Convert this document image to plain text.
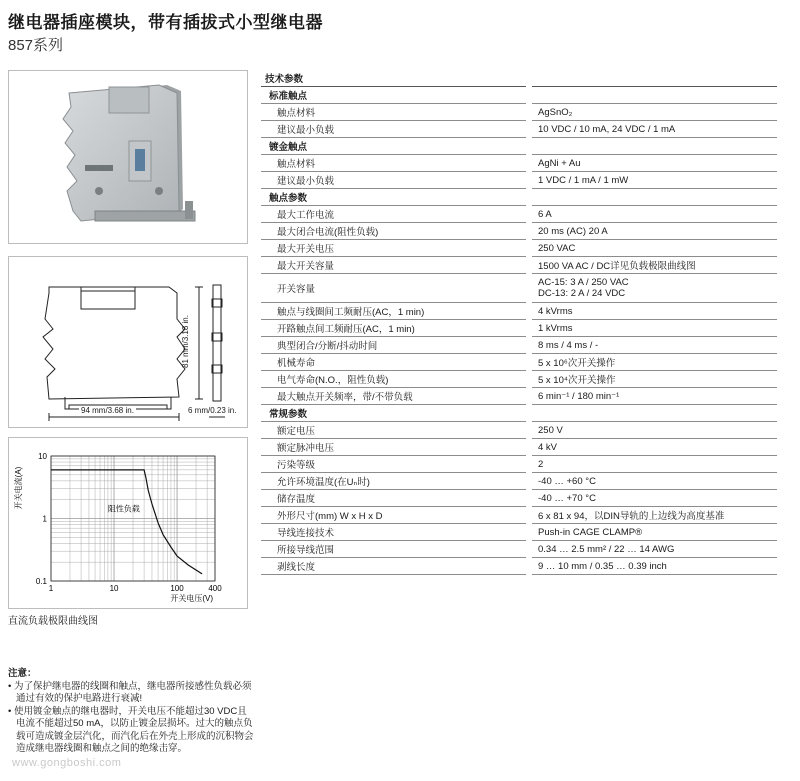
继电器插座模块，带有插拔式小型继电器
857系列
94 mm/3.68 in.	6 mm/0.23 in.
81 mm/3.18 in.
1	10	100	400
10
1
0.1
开关电压(V)
开关电流(A)	阻性负载
直流负载极限曲线图
技术参数		
标准触点		
触点材料		AgSnO₂
建议最小负载		10 VDC / 10 mA, 24 VDC / 1 mA
镀金触点		
触点材料		AgNi + Au
建议最小负载		1 VDC / 1 mA / 1 mW
触点参数		
最大工作电流		6 A
最大闭合电流(阻性负载)		20 ms (AC) 20 A
最大开关电压		250 VAC
最大开关容量		1500 VA AC / DC详见负载极限曲线图
开关容量		AC-15: 3 A / 250 VAC
DC-13: 2 A / 24 VDC
触点与线圈间工频耐压(AC，1 min)		4 kVrms
开路触点间工频耐压(AC，1 min)		1 kVrms
典型闭合/分断/抖动时间		8 ms / 4 ms / -
机械寿命		5 x 10⁶次开关操作
电气寿命(N.O.，阻性负载)		5 x 10⁴次开关操作
最大触点开关频率，带/不带负载		6 min⁻¹ / 180 min⁻¹
常规参数		
额定电压		250 V
额定脉冲电压		4 kV
污染等级		2
允许环境温度(在Uₙ时)		-40 … +60 °C
储存温度		-40 … +70 °C
外形尺寸(mm) W x H x D		6 x 81 x 94，以DIN导轨的上边线为高度基准
导线连接技术		Push-in CAGE CLAMP®
所接导线范围		0.34 … 2.5 mm² / 22 … 14 AWG
剥线长度		9 … 10 mm / 0.35 … 0.39 inch
注意：
• 为了保护继电器的线圈和触点，继电器所接感性负载必须通过有效的保护电路进行衰减!
• 使用镀金触点的继电器时，开关电压不能超过30 VDC且电流不能超过50 mA，以防止镀金层损坏。过大的触点负载可造成镀金层汽化，而汽化后在外壳上形成的沉积物会造成继电器线圈和触点之间的绝缘击穿。
www.gongboshi.com
